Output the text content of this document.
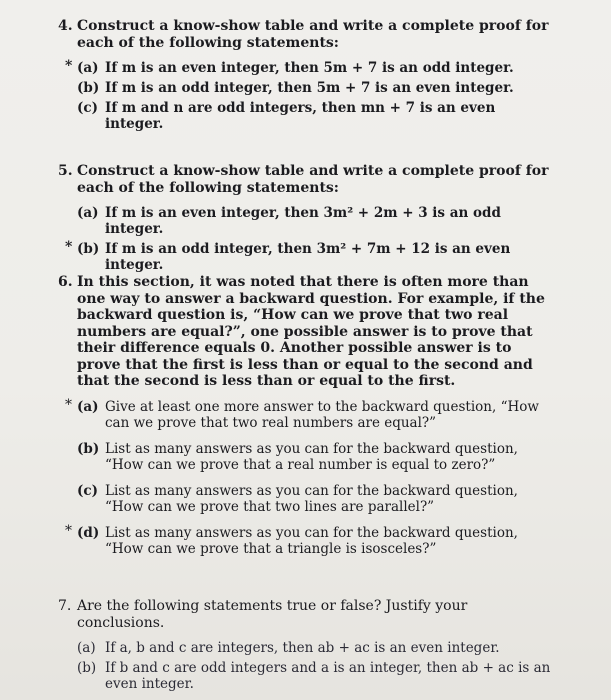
4. Construct a know-show table and write a complete proof for each of the following statements:
* (a) If m is an even integer, then 5m + 7 is an odd integer.
(b) If m is an odd integer, then 5m + 7 is an even integer.
(c) If m and n are odd integers, then mn + 7 is an even integer.
5. Construct a know-show table and write a complete proof for each of the following statements:
(a) If m is an even integer, then 3m² + 2m + 3 is an odd integer.
* (b) If m is an odd integer, then 3m² + 7m + 12 is an even integer.
6. In this section, it was noted that there is often more than one way to answer a backward question. For example, if the backward question is, “How can we prove that two real numbers are equal?”, one possible answer is to prove that their difference equals 0. Another possible answer is to prove that the first is less than or equal to the second and that the second is less than or equal to the first.
* (a) Give at least one more answer to the backward question, “How can we prove that two real numbers are equal?”
(b) List as many answers as you can for the backward question, “How can we prove that a real number is equal to zero?”
(c) List as many answers as you can for the backward question, “How can we prove that two lines are parallel?”
* (d) List as many answers as you can for the backward question, “How can we prove that a triangle is isosceles?”
7. Are the following statements true or false? Justify your conclusions.
(a) If a, b and c are integers, then ab + ac is an even integer.
(b) If b and c are odd integers and a is an integer, then ab + ac is an even integer.
